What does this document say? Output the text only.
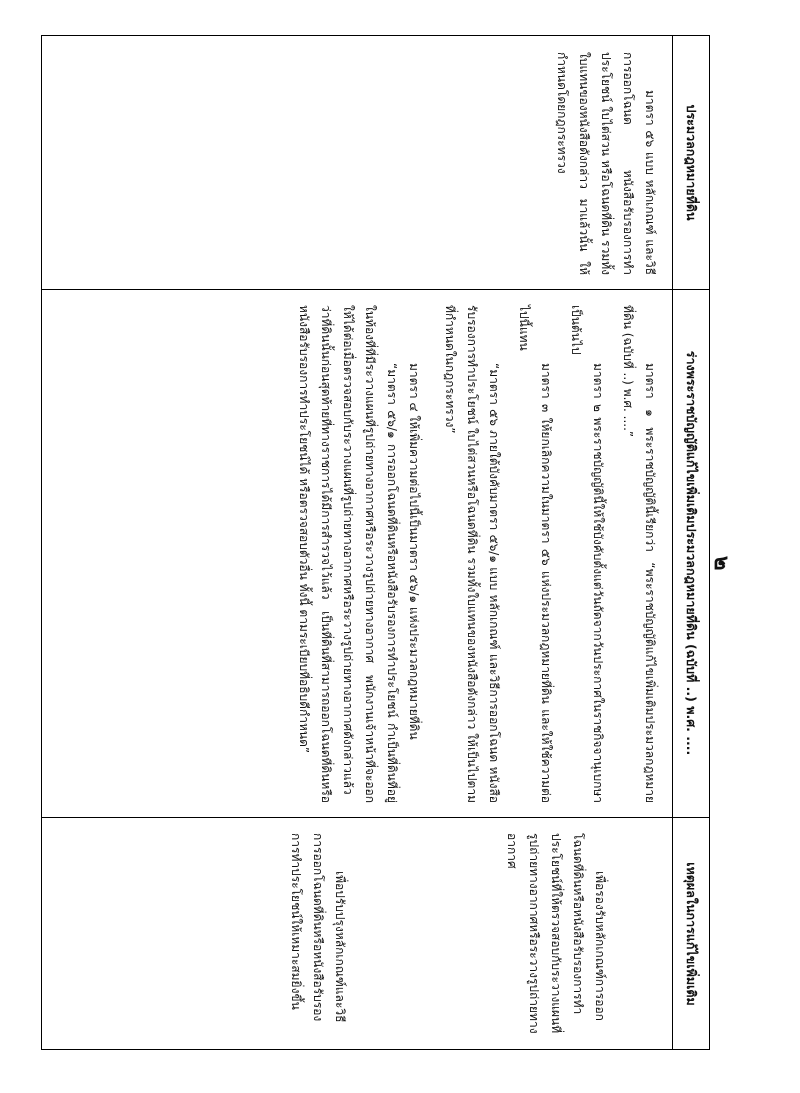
๒
ประมวลกฎหมายที่ดิน

มาตรา ๕๖ แบบ หลักเกณฑ์ และวิธีการออกโฉนด หนังสือรับรองการทำประโยชน์ ใบไต่สวน หรือโฉนดที่ดิน รวมทั้งใบแทนของหนังสือดังกล่าว มาแล้วนั้น ให้กำหนดโดยกฎกระทรวง

ร่างพระราชบัญญัติแก้ไขเพิ่มเติมประมวลกฎหมายที่ดิน (ฉบับที่ ..) พ.ศ. ....

มาตรา ๑ พระราชบัญญัตินี้เรียกว่า “พระราชบัญญัติแก้ไขเพิ่มเติมประมวลกฎหมายที่ดิน (ฉบับที่ ..) พ.ศ. ....”

มาตรา ๒ พระราชบัญญัตินี้ให้ใช้บังคับตั้งแต่วันถัดจากวันประกาศในราชกิจจานุเบกษาเป็นต้นไป

มาตรา ๓ ให้ยกเลิกความในมาตรา ๕๖ แห่งประมวลกฎหมายที่ดิน และให้ใช้ความต่อไปนี้แทน

“มาตรา ๕๖ ภายใต้บังคับมาตรา ๕๖/๑ แบบ หลักเกณฑ์ และวิธีการออกโฉนด หนังสือรับรองการทำประโยชน์ ใบไต่สวนหรือโฉนดที่ดิน รวมทั้งใบแทนของหนังสือดังกล่าว ให้เป็นไปตามที่กำหนดในกฎกระทรวง”

มาตรา ๔ ให้เพิ่มความต่อไปนี้เป็นมาตรา ๕๖/๑ แห่งประมวลกฎหมายที่ดิน

“มาตรา ๕๖/๑ การออกโฉนดที่ดินหรือหนังสือรับรองการทำประโยชน์ กำเป็นที่ดินที่อยู่ในท้องที่ที่มีระวางแผนที่รูปถ่ายทางอากาศหรือระวางรูปถ่ายทางอากาศ พนักงานเจ้าหน้าที่จะออกให้ได้ต่อเมื่อตรวจสอบกับระวางแผนที่รูปถ่ายทางอากาศหรือระวางรูปถ่ายทางอากาศดังกล่าวแล้วว่าที่ดินนั้นก่อนสุดท้ายที่ทางราชการได้มีการสำรวจไว้แล้ว เป็นที่ดินที่สามารถออกโฉนดที่ดินหรือหนังสือรับรองการทำประโยชน์ได้ หรือตรวจสอบตัวอื่น ทั้งนี้ ตามระเบียบที่อธิบดีกำหนด”

เหตุผลในการแก้ไขเพิ่มเติม

เพื่อรองรับหลักเกณฑ์การออกโฉนดที่ดินหรือหนังสือรับรองการทำประโยชน์ที่ให้ตรวจสอบกับระวางแผนที่รูปถ่ายทางอากาศหรือระวางรูปถ่ายทางอากาศ

เพื่อปรับปรุงหลักเกณฑ์และวิธีการออกโฉนดที่ดินหรือหนังสือรับรองการทำประโยชน์ให้เหมาะสมยิ่งขึ้น
